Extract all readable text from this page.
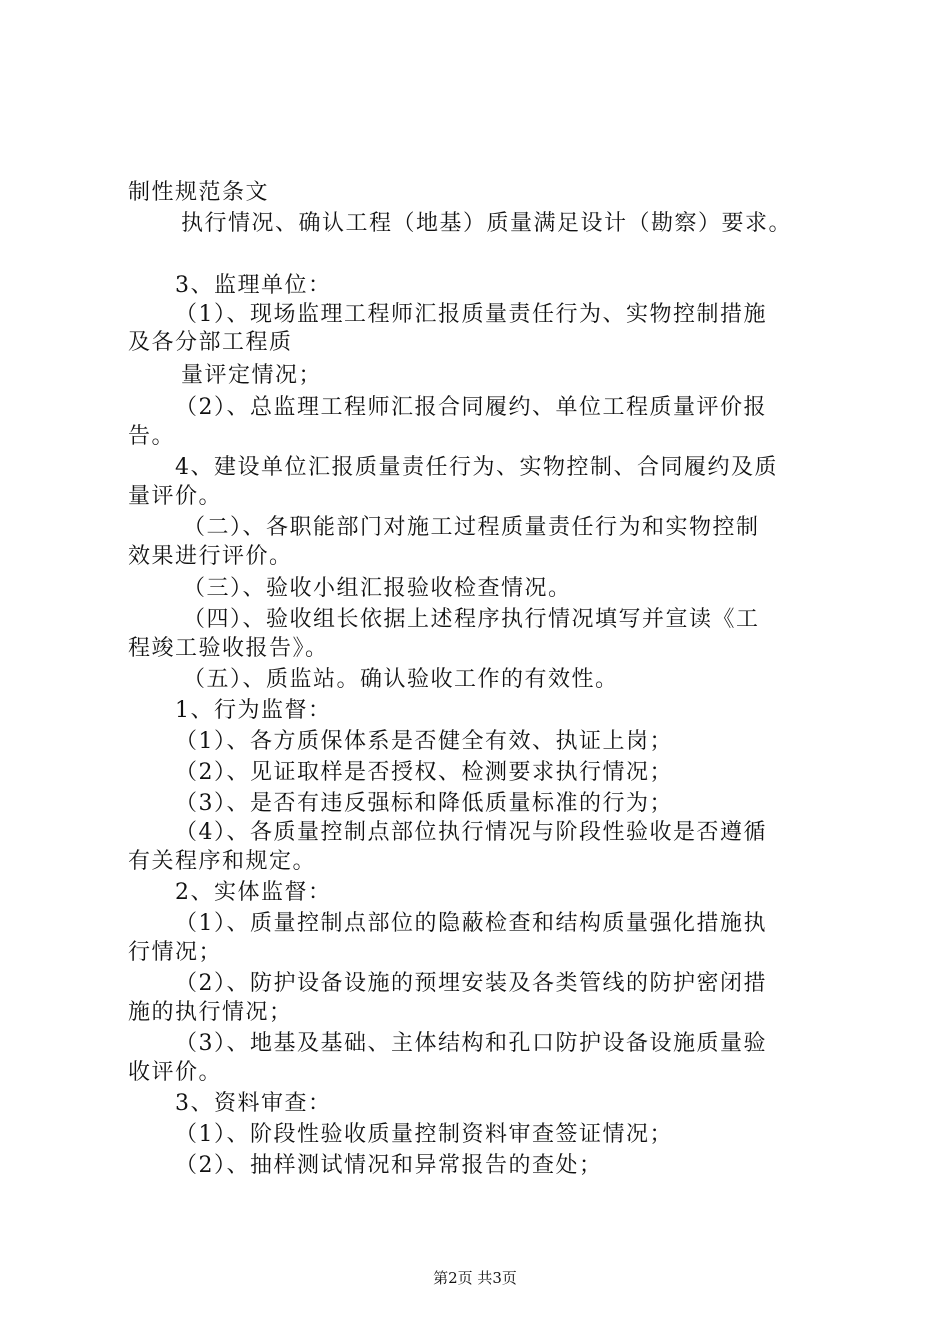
制性规范条文
执行情况、确认工程（地基）质量满足设计（勘察）要求。
3、监理单位：
（1）、现场监理工程师汇报质量责任行为、实物控制措施
及各分部工程质
量评定情况；
（2）、总监理工程师汇报合同履约、单位工程质量评价报
告。
4、建设单位汇报质量责任行为、实物控制、合同履约及质
量评价。
（二）、各职能部门对施工过程质量责任行为和实物控制
效果进行评价。
（三）、验收小组汇报验收检查情况。
（四）、验收组长依据上述程序执行情况填写并宣读《工
程竣工验收报告》。
（五）、质监站。确认验收工作的有效性。
1、行为监督：
（1）、各方质保体系是否健全有效、执证上岗；
（2）、见证取样是否授权、检测要求执行情况；
（3）、是否有违反强标和降低质量标准的行为；
（4）、各质量控制点部位执行情况与阶段性验收是否遵循
有关程序和规定。
2、实体监督：
（1）、质量控制点部位的隐蔽检查和结构质量强化措施执
行情况；
（2）、防护设备设施的预埋安装及各类管线的防护密闭措
施的执行情况；
（3）、地基及基础、主体结构和孔口防护设备设施质量验
收评价。
3、资料审查：
（1）、阶段性验收质量控制资料审查签证情况；
（2）、抽样测试情况和异常报告的查处；
第2页 共3页
